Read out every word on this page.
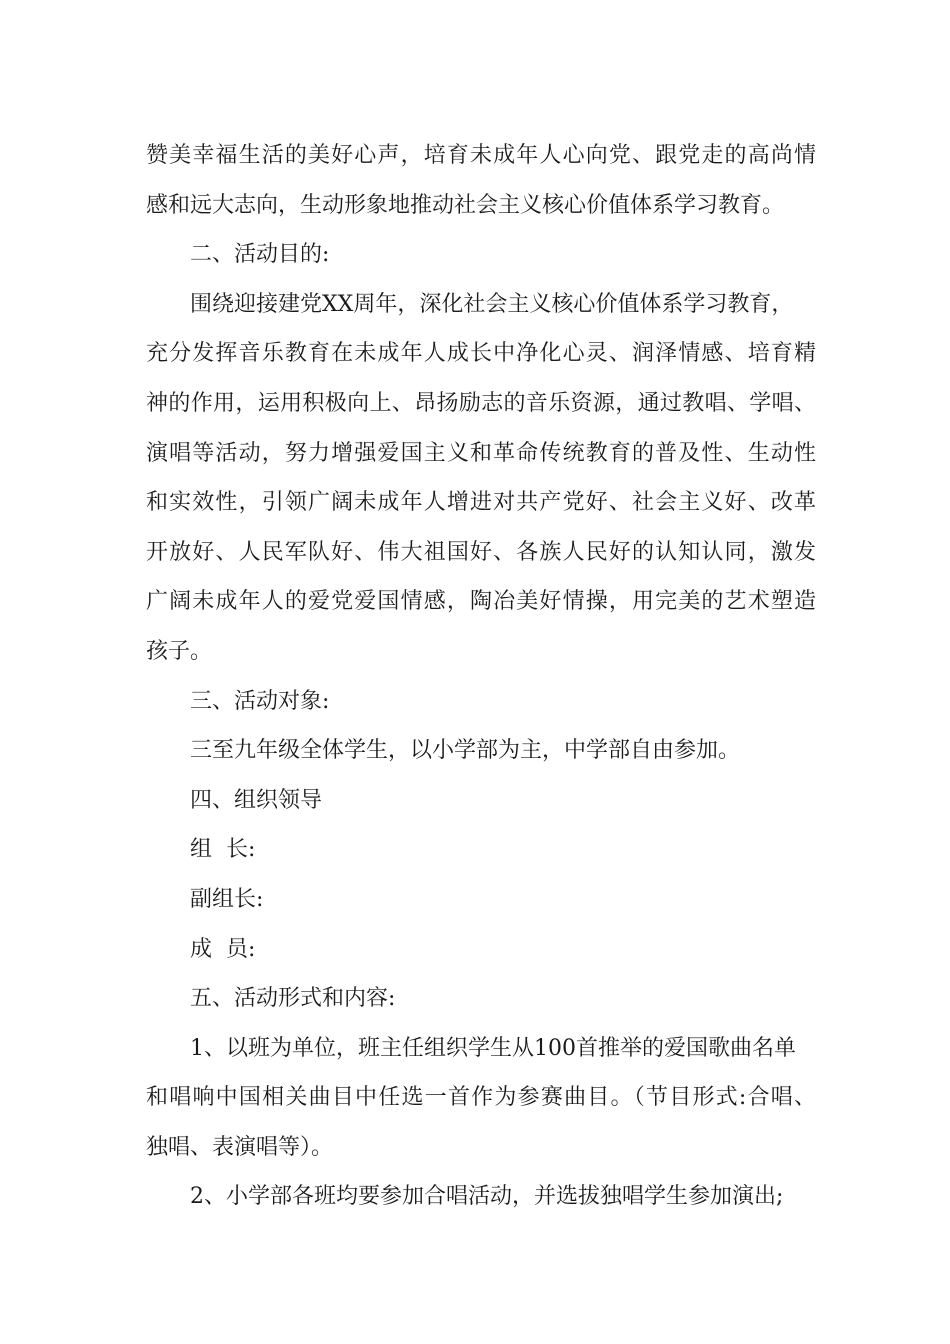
赞美幸福生活的美好心声，培育未成年人心向党、跟党走的高尚情
感和远大志向，生动形象地推动社会主义核心价值体系学习教育。
二、活动目的:
围绕迎接建党XX周年，深化社会主义核心价值体系学习教育，
充分发挥音乐教育在未成年人成长中净化心灵、润泽情感、培育精
神的作用，运用积极向上、昂扬励志的音乐资源，通过教唱、学唱、
演唱等活动，努力增强爱国主义和革命传统教育的普及性、生动性
和实效性，引领广阔未成年人增进对共产党好、社会主义好、改革
开放好、人民军队好、伟大祖国好、各族人民好的认知认同，激发
广阔未成年人的爱党爱国情感，陶冶美好情操，用完美的艺术塑造
孩子。
三、活动对象:
三至九年级全体学生，以小学部为主，中学部自由参加。
四、组织领导
组  长:
副组长:
成  员:
五、活动形式和内容:
1、以班为单位，班主任组织学生从100首推举的爱国歌曲名单
和唱响中国相关曲目中任选一首作为参赛曲目。（节目形式:合唱、
独唱、表演唱等）。
2、小学部各班均要参加合唱活动，并选拔独唱学生参加演出;
